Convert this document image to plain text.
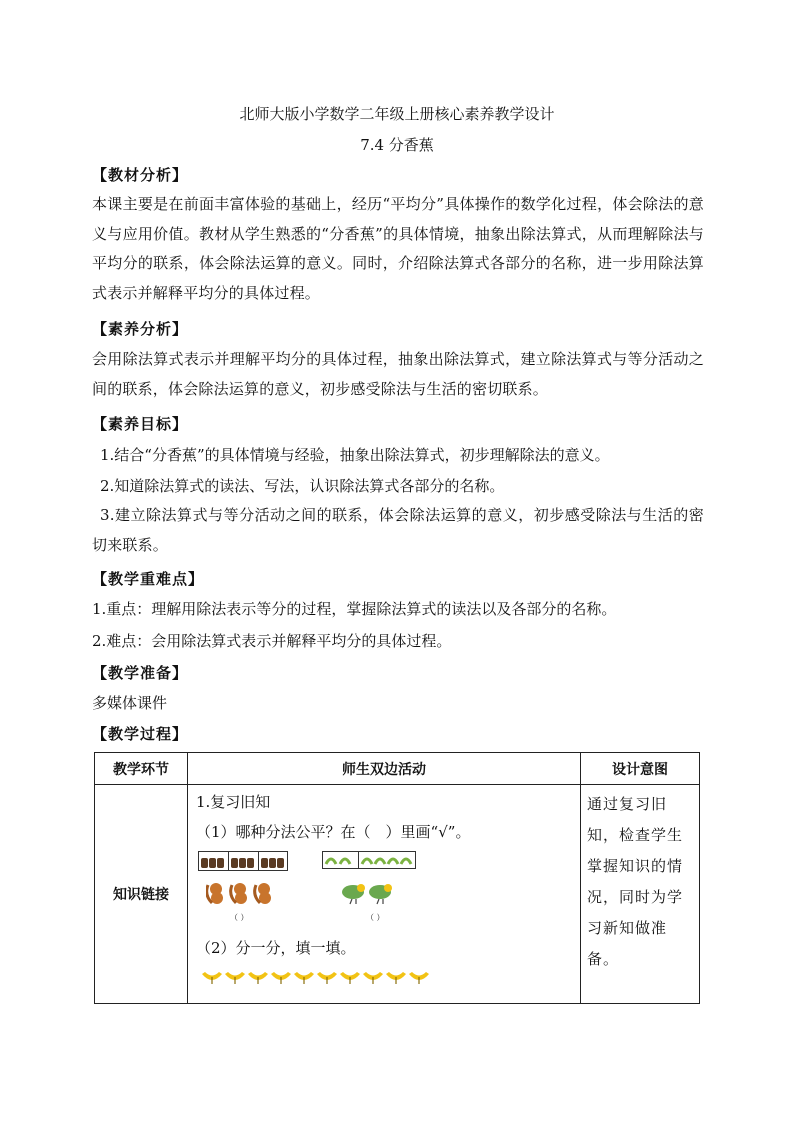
北师大版小学数学二年级上册核心素养教学设计
7.4 分香蕉
【教材分析】
本课主要是在前面丰富体验的基础上，经历“平均分”具体操作的数学化过程，体会除法的意义与应用价值。教材从学生熟悉的“分香蕉”的具体情境，抽象出除法算式，从而理解除法与平均分的联系，体会除法运算的意义。同时，介绍除法算式各部分的名称，进一步用除法算式表示并解释平均分的具体过程。
【素养分析】
会用除法算式表示并理解平均分的具体过程，抽象出除法算式，建立除法算式与等分活动之间的联系，体会除法运算的意义，初步感受除法与生活的密切联系。
【素养目标】
1.结合“分香蕉”的具体情境与经验，抽象出除法算式，初步理解除法的意义。
2.知道除法算式的读法、写法，认识除法算式各部分的名称。
3.建立除法算式与等分活动之间的联系，体会除法运算的意义，初步感受除法与生活的密切来联系。
【教学重难点】
1.重点：理解用除法表示等分的过程，掌握除法算式的读法以及各部分的名称。
2.难点：会用除法算式表示并解释平均分的具体过程。
【教学准备】
多媒体课件
【教学过程】
教学环节	师生双边活动	设计意图
知识链接	1.复习旧知
（1）哪种分法公平？在（　）里画“√”。
（ ） （ ）
（2）分一分，填一填。	通过复习旧知，检查学生掌握知识的情况，同时为学习新知做准备。
